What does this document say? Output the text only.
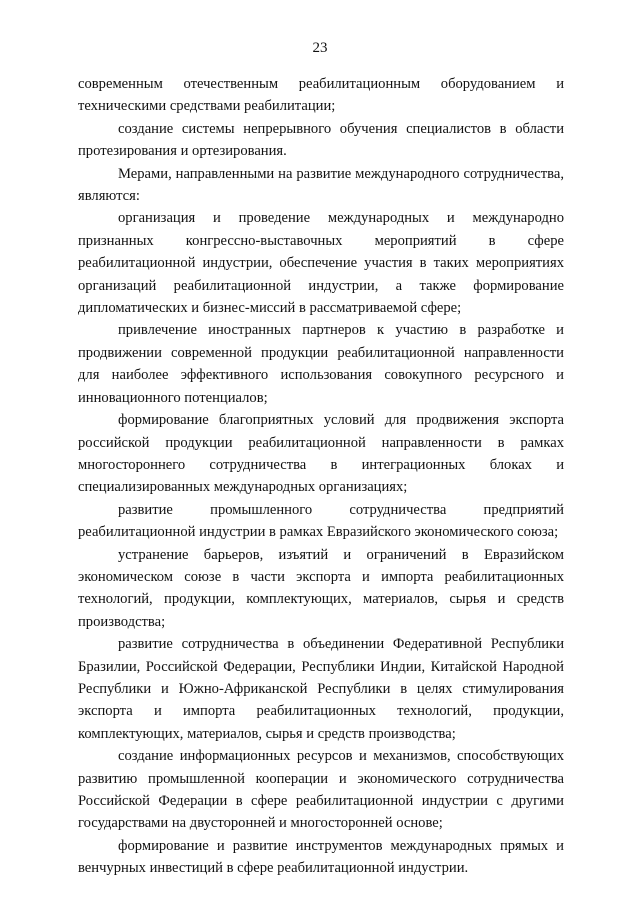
23

современным отечественным реабилитационным оборудованием и техническими средствами реабилитации;

создание системы непрерывного обучения специалистов в области протезирования и ортезирования.

Мерами, направленными на развитие международного сотрудничества, являются:

организация и проведение международных и международно признанных конгрессно-выставочных мероприятий в сфере реабилитационной индустрии, обеспечение участия в таких мероприятиях организаций реабилитационной индустрии, а также формирование дипломатических и бизнес-миссий в рассматриваемой сфере;

привлечение иностранных партнеров к участию в разработке и продвижении современной продукции реабилитационной направленности для наиболее эффективного использования совокупного ресурсного и инновационного потенциалов;

формирование благоприятных условий для продвижения экспорта российской продукции реабилитационной направленности в рамках многостороннего сотрудничества в интеграционных блоках и специализированных международных организациях;

развитие промышленного сотрудничества предприятий реабилитационной индустрии в рамках Евразийского экономического союза;

устранение барьеров, изъятий и ограничений в Евразийском экономическом союзе в части экспорта и импорта реабилитационных технологий, продукции, комплектующих, материалов, сырья и средств производства;

развитие сотрудничества в объединении Федеративной Республики Бразилии, Российской Федерации, Республики Индии, Китайской Народной Республики и Южно-Африканской Республики в целях стимулирования экспорта и импорта реабилитационных технологий, продукции, комплектующих, материалов, сырья и средств производства;

создание информационных ресурсов и механизмов, способствующих развитию промышленной кооперации и экономического сотрудничества Российской Федерации в сфере реабилитационной индустрии с другими государствами на двусторонней и многосторонней основе;

формирование и развитие инструментов международных прямых и венчурных инвестиций в сфере реабилитационной индустрии.
